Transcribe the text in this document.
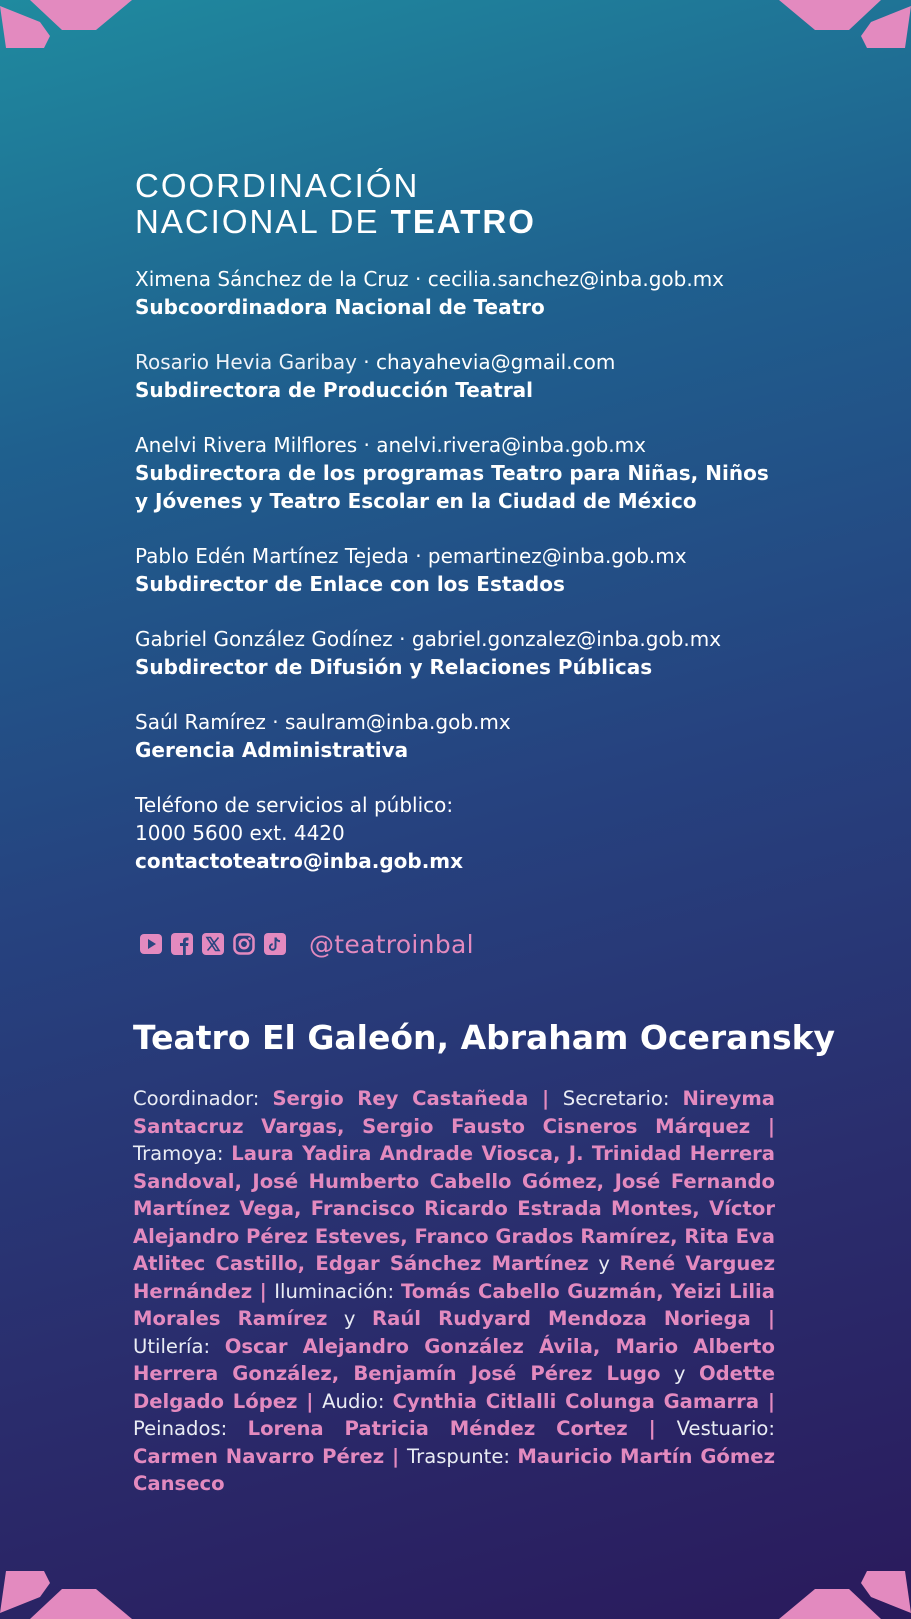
COORDINACIÓN
NACIONAL DE TEATRO
Ximena Sánchez de la Cruz · cecilia.sanchez@inba.gob.mx
Subcoordinadora Nacional de Teatro
Rosario Hevia Garibay · chayahevia@gmail.com
Subdirectora de Producción Teatral
Anelvi Rivera Milflores · anelvi.rivera@inba.gob.mx
Subdirectora de los programas Teatro para Niñas, Niños y Jóvenes y Teatro Escolar en la Ciudad de México
Pablo Edén Martínez Tejeda · pemartinez@inba.gob.mx
Subdirector de Enlace con los Estados
Gabriel González Godínez · gabriel.gonzalez@inba.gob.mx
Subdirector de Difusión y Relaciones Públicas
Saúl Ramírez · saulram@inba.gob.mx
Gerencia Administrativa
Teléfono de servicios al público:
1000 5600 ext. 4420
contactoteatro@inba.gob.mx
@teatroinbal
Teatro El Galeón, Abraham Oceransky
Coordinador: Sergio Rey Castañeda | Secretario: Nireyma Santacruz Vargas, Sergio Fausto Cisneros Márquez | Tramoya: Laura Yadira Andrade Viosca, J. Trinidad Herrera Sandoval, José Humberto Cabello Gómez, José Fernando Martínez Vega, Francisco Ricardo Estrada Montes, Víctor Alejandro Pérez Esteves, Franco Grados Ramírez, Rita Eva Atlitec Castillo, Edgar Sánchez Martínez y René Varguez Hernández | Iluminación: Tomás Cabello Guzmán, Yeizi Lilia Morales Ramírez y Raúl Rudyard Mendoza Noriega | Utilería: Oscar Alejandro González Ávila, Mario Alberto Herrera González, Benjamín José Pérez Lugo y Odette Delgado López | Audio: Cynthia Citlalli Colunga Gamarra | Peinados: Lorena Patricia Méndez Cortez | Vestuario: Carmen Navarro Pérez | Traspunte: Mauricio Martín Gómez Canseco
